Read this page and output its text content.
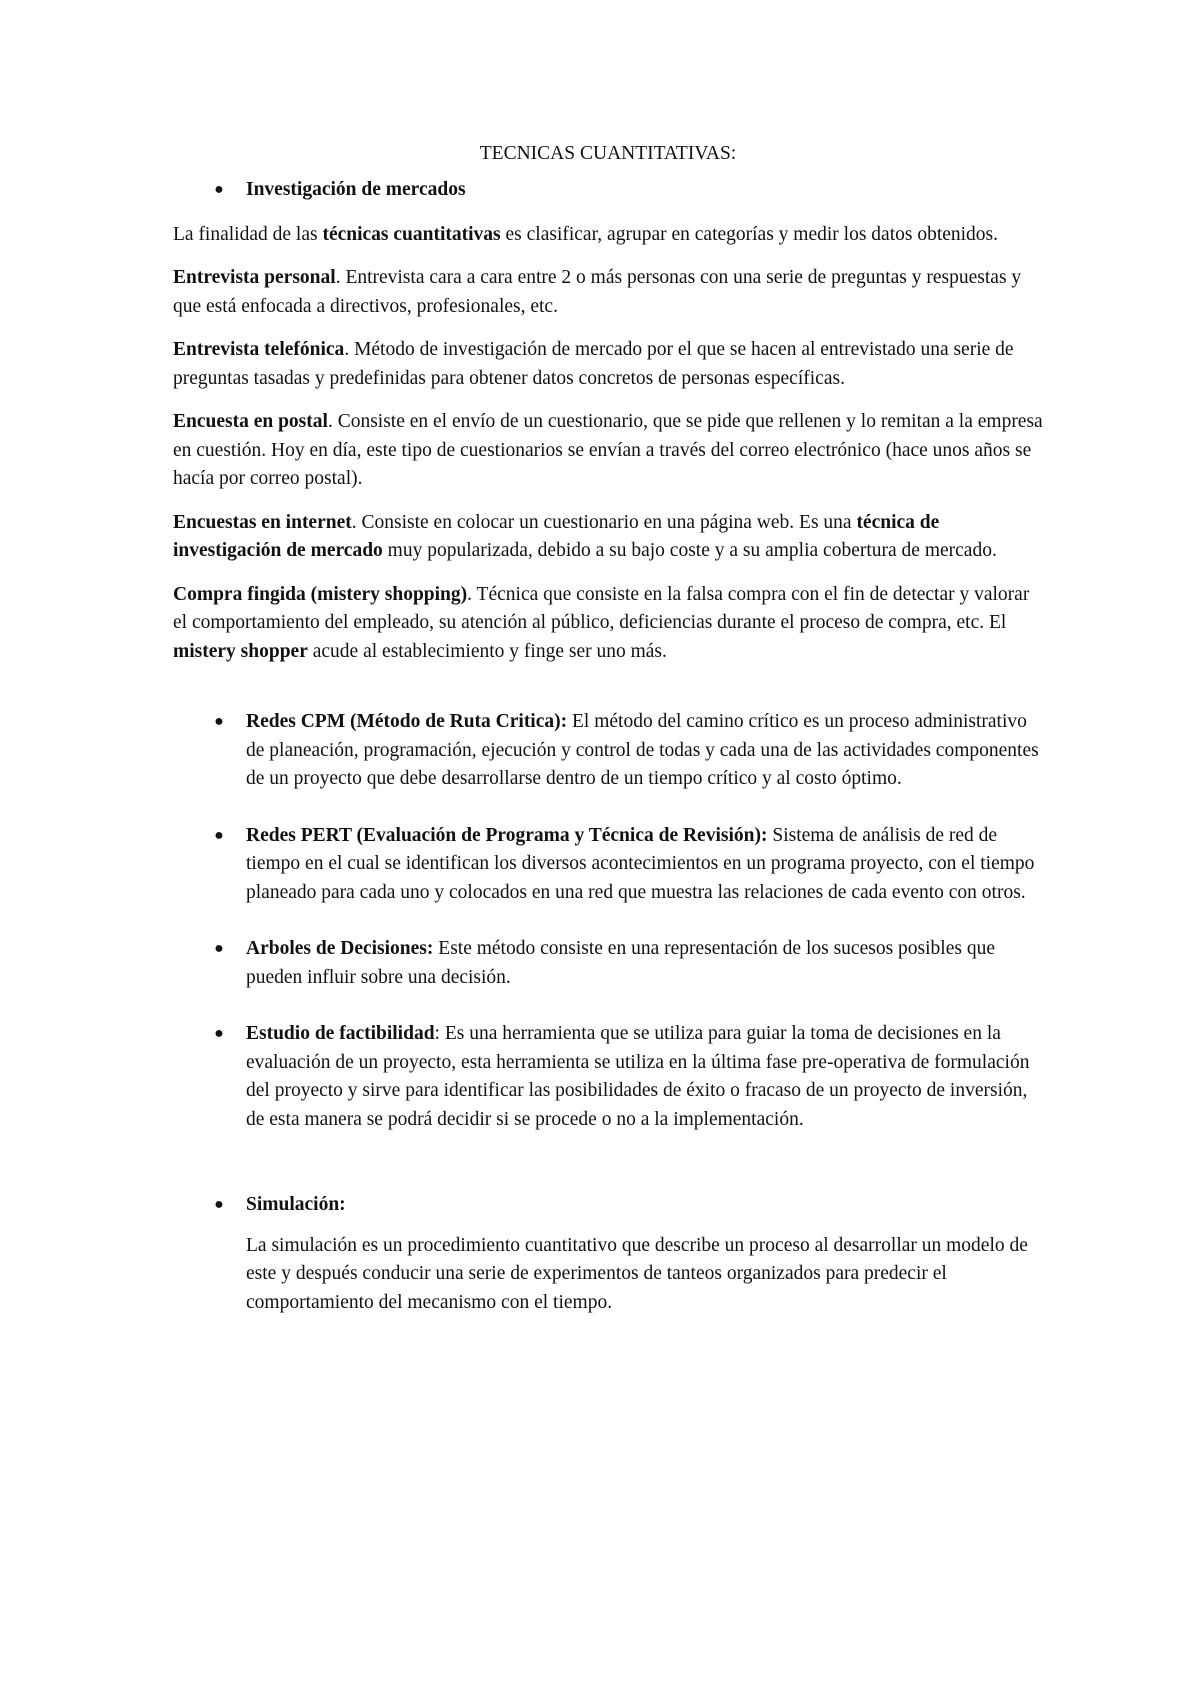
TECNICAS CUANTITATIVAS:
● Investigación de mercados
La finalidad de las técnicas cuantitativas es clasificar, agrupar en categorías y medir los datos obtenidos.
Entrevista personal. Entrevista cara a cara entre 2 o más personas con una serie de preguntas y respuestas y que está enfocada a directivos, profesionales, etc.
Entrevista telefónica. Método de investigación de mercado por el que se hacen al entrevistado una serie de preguntas tasadas y predefinidas para obtener datos concretos de personas específicas.
Encuesta en postal. Consiste en el envío de un cuestionario, que se pide que rellenen y lo remitan a la empresa en cuestión. Hoy en día, este tipo de cuestionarios se envían a través del correo electrónico (hace unos años se hacía por correo postal).
Encuestas en internet. Consiste en colocar un cuestionario en una página web. Es una técnica de investigación de mercado muy popularizada, debido a su bajo coste y a su amplia cobertura de mercado.
Compra fingida (mistery shopping). Técnica que consiste en la falsa compra con el fin de detectar y valorar el comportamiento del empleado, su atención al público, deficiencias durante el proceso de compra, etc. El mistery shopper acude al establecimiento y finge ser uno más.
● Redes CPM (Método de Ruta Critica): El método del camino crítico es un proceso administrativo de planeación, programación, ejecución y control de todas y cada una de las actividades componentes de un proyecto que debe desarrollarse dentro de un tiempo crítico y al costo óptimo.
● Redes PERT (Evaluación de Programa y Técnica de Revisión): Sistema de análisis de red de tiempo en el cual se identifican los diversos acontecimientos en un programa proyecto, con el tiempo planeado para cada uno y colocados en una red que muestra las relaciones de cada evento con otros.
● Arboles de Decisiones: Este método consiste en una representación de los sucesos posibles que pueden influir sobre una decisión.
● Estudio de factibilidad: Es una herramienta que se utiliza para guiar la toma de decisiones en la evaluación de un proyecto, esta herramienta se utiliza en la última fase pre-operativa de formulación del proyecto y sirve para identificar las posibilidades de éxito o fracaso de un proyecto de inversión, de esta manera se podrá decidir si se procede o no a la implementación.
● Simulación:
La simulación es un procedimiento cuantitativo que describe un proceso al desarrollar un modelo de este y después conducir una serie de experimentos de tanteos organizados para predecir el comportamiento del mecanismo con el tiempo.
